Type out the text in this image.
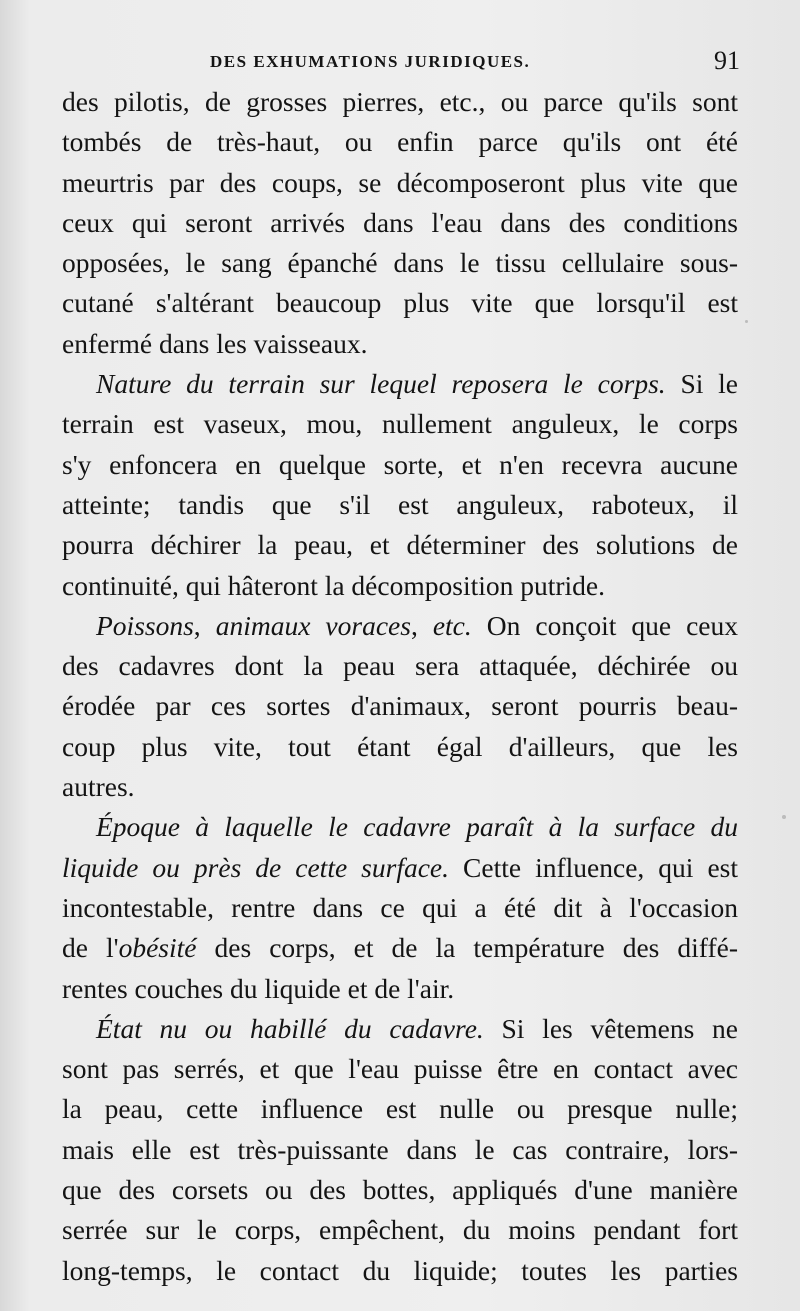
DES EXHUMATIONS JURIDIQUES.	91
des pilotis, de grosses pierres, etc., ou parce qu'ils sont
tombés de très-haut, ou enfin parce qu'ils ont été
meurtris par des coups, se décomposeront plus vite que
ceux qui seront arrivés dans l'eau dans des conditions
opposées, le sang épanché dans le tissu cellulaire sous-
cutané s'altérant beaucoup plus vite que lorsqu'il est
enfermé dans les vaisseaux.
Nature du terrain sur lequel reposera le corps. Si le
terrain est vaseux, mou, nullement anguleux, le corps
s'y enfoncera en quelque sorte, et n'en recevra aucune
atteinte; tandis que s'il est anguleux, raboteux, il
pourra déchirer la peau, et déterminer des solutions de
continuité, qui hâteront la décomposition putride.
Poissons, animaux voraces, etc. On conçoit que ceux
des cadavres dont la peau sera attaquée, déchirée ou
érodée par ces sortes d'animaux, seront pourris beau-
coup plus vite, tout étant égal d'ailleurs, que les
autres.
Époque à laquelle le cadavre paraît à la surface du
liquide ou près de cette surface. Cette influence, qui est
incontestable, rentre dans ce qui a été dit à l'occasion
de l'obésité des corps, et de la température des diffé-
rentes couches du liquide et de l'air.
État nu ou habillé du cadavre. Si les vêtemens ne
sont pas serrés, et que l'eau puisse être en contact avec
la peau, cette influence est nulle ou presque nulle;
mais elle est très-puissante dans le cas contraire, lors-
que des corsets ou des bottes, appliqués d'une manière
serrée sur le corps, empêchent, du moins pendant fort
long-temps, le contact du liquide; toutes les parties
